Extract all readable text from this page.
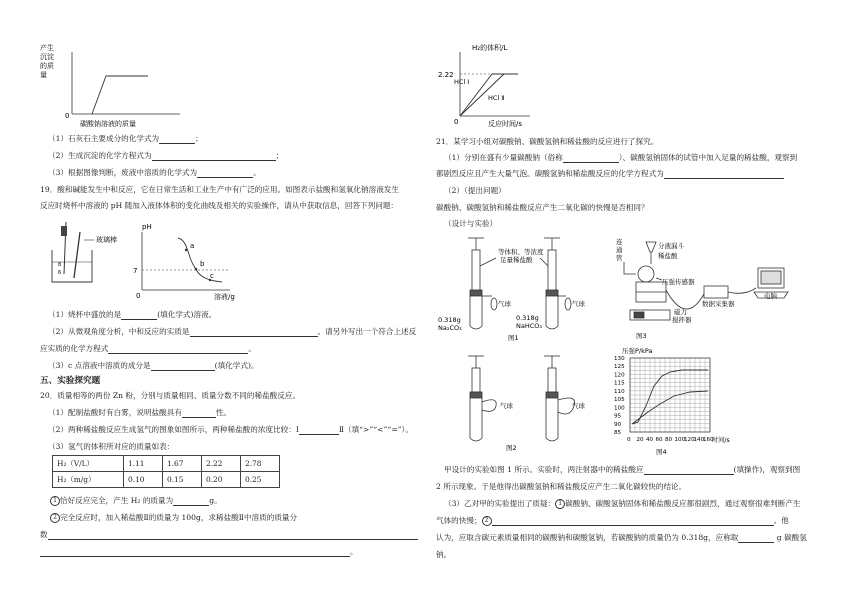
产生
沉淀
的质
量
0
碳酸钠溶液的质量
（1）石灰石主要成分的化学式为	；
（2）生成沉淀的化学方程式为	；
（3）根据图像判断，废液中溶质的化学式为	。
19．酸和碱能发生中和反应，它在日常生活和工业生产中有广泛的应用。如图表示盐酸和氢氧化钠溶液发生
反应时烧杯中溶液的 pH 随加入液体体积的变化曲线及相关的实验操作，请从中获取信息，回答下列问题：
6
8
玻璃棒
pH
7
0	溶液/g
a
b
c
（1）烧杯中盛放的是	(填化学式)溶液。
（2）从微观角度分析，中和反应的实质是	。请另外写出一个符合上述反
应实质的化学方程式	。
（3）c 点溶液中溶质的成分是	(填化学式)。
五、实验探究题
20．质量相等的两份 Zn 粉，分别与质量相同、质量分数不同的稀盐酸反应。
（1）配制盐酸时有白雾，说明盐酸具有	性。
（2）两种稀盐酸反应生成氢气的图象如图所示，两种稀盐酸的浓度比较：Ⅰ	Ⅱ（填“>”“<”“=”）。
（3）氢气的体积所对应的质量如表：
H₂（V/L）	1.11	1.67	2.22	2.78
H₂（m/g）	0.10	0.15	0.20	0.25
1 恰好反应完全，产生 H₂ 的质量为	g。
2 完全反应时，加入稀盐酸Ⅱ的质量为 100g，求稀盐酸Ⅱ中溶质的质量分
数
。
H₂的体积/L
2.22
HCl Ⅰ
HCl Ⅱ
0	反应时间/s
21．某学习小组对碳酸钠、碳酸氢钠和稀盐酸的反应进行了探究。
（1）分别在盛有少量碳酸钠（俗称	）、碳酸氢钠固体的试管中加入足量的稀盐酸，观察到
都剧烈反应且产生大量气泡。碳酸氢钠和稀盐酸反应的化学方程式为
（2）（提出问题）
碳酸钠、碳酸氢钠和稀盐酸反应产生二氧化碳的快慢是否相同？
（设计与实验）
等体积、等浓度
足量稀盐酸
气球	气球
0.318g
Na₂CO₃
0.318g
NaHCO₃
图1
气球	气球
图2
连
通
管
分液漏斗
稀盐酸
压强传感器
磁力
搅拌器
数据采集器
电脑
图3
压强P/kPa
130
125
120
115
110
105
100
95
90
85
0 20 40 60 80 100
120
140
160
时间/s
图4
甲设计的实验如图 1 所示。实验时，两注射器中的稀盐酸应	(填操作)，观察到图
2 所示现象。于是他得出碳酸氢钠和稀盐酸反应产生二氧化碳较快的结论。
（3）乙对甲的实验提出了质疑： 1 碳酸钠、碳酸氢钠固体和稀盐酸反应都很剧烈，通过观察很难判断产生
气体的快慢； 2	。他
认为，应取含碳元素质量相同的碳酸钠和碳酸氢钠，若碳酸钠的质量仍为 0.318g，应称取	g 碳酸氢
钠。
